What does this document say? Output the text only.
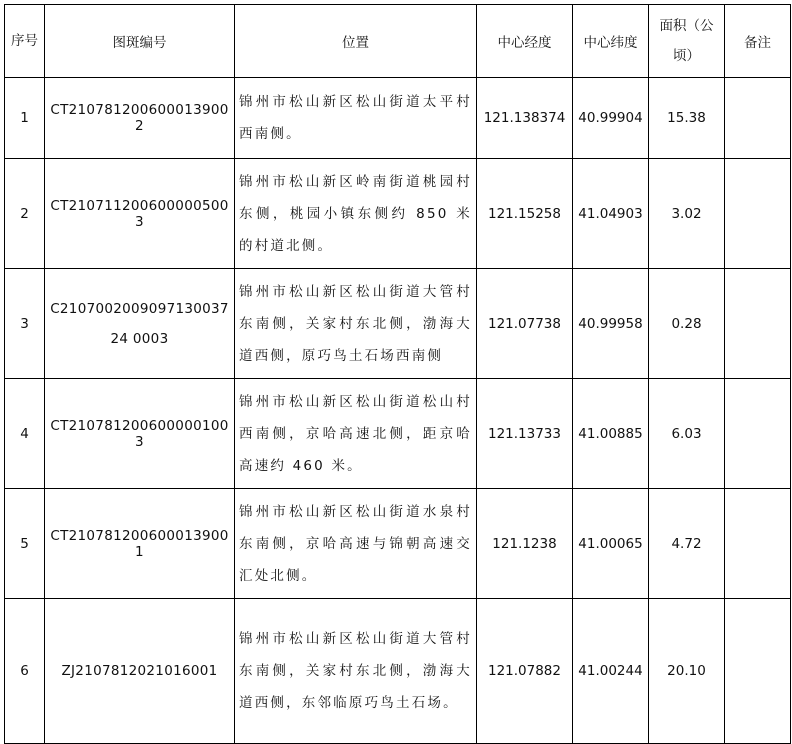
序号	图斑编号	位置	中心经度	中心纬度	面积（公顷）	备注
1	CT2107812006000139002	锦州市松山新区松山街道太平村西南侧。	121.138374	40.99904	15.38	
2	CT2107112006000005003	锦州市松山新区岭南街道桃园村东侧，桃园小镇东侧约 850 米的村道北侧。	121.15258	41.04903	3.02	
3	C210700200909713003724 0003	锦州市松山新区松山街道大管村东南侧，关家村东北侧，渤海大道西侧，原巧鸟土石场西南侧	121.07738	40.99958	0.28	
4	CT2107812006000001003	锦州市松山新区松山街道松山村西南侧，京哈高速北侧，距京哈高速约 460 米。	121.13733	41.00885	6.03	
5	CT2107812006000139001	锦州市松山新区松山街道水泉村东南侧，京哈高速与锦朝高速交汇处北侧。	121.1238	41.00065	4.72	
6	ZJ2107812021016001	锦州市松山新区松山街道大管村东南侧，关家村东北侧，渤海大道西侧，东邻临原巧鸟土石场。	121.07882	41.00244	20.10	
